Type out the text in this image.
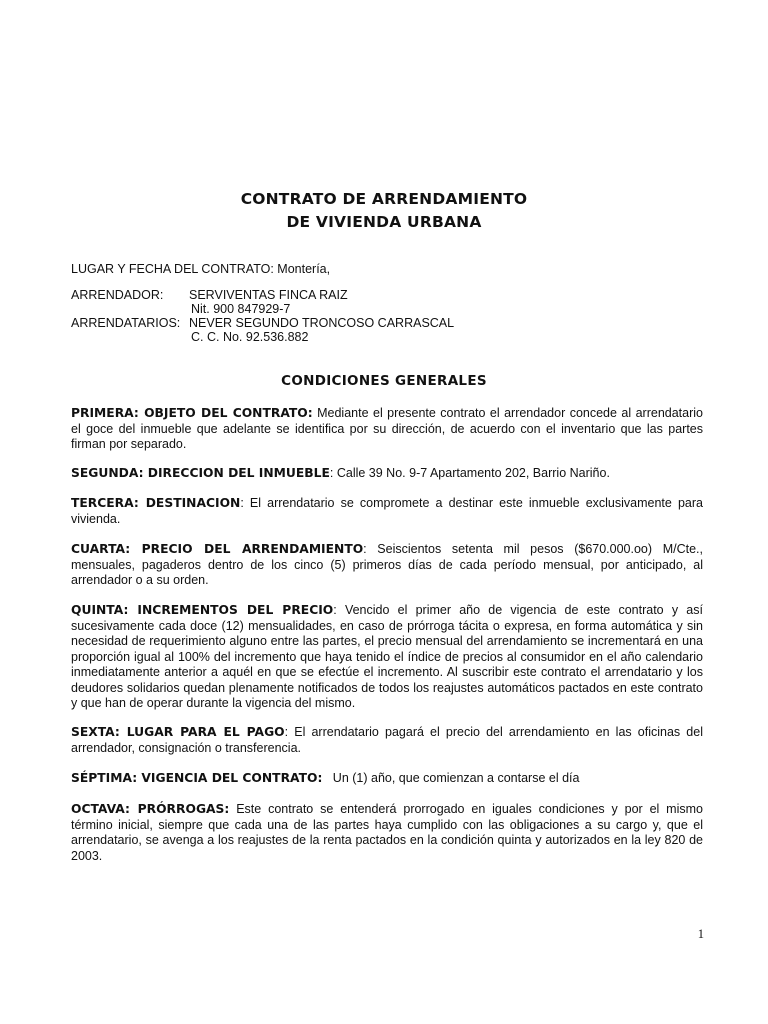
CONTRATO DE ARRENDAMIENTO
DE VIVIENDA URBANA
LUGAR Y FECHA DEL CONTRATO: Montería,
ARRENDADOR: SERVIVENTAS FINCA RAIZ
Nit. 900 847929-7
ARRENDATARIOS: NEVER SEGUNDO TRONCOSO CARRASCAL
C. C. No. 92.536.882
CONDICIONES GENERALES
PRIMERA: OBJETO DEL CONTRATO: Mediante el presente contrato el arrendador concede al arrendatario el goce del inmueble que adelante se identifica por su dirección, de acuerdo con el inventario que las partes firman por separado.
SEGUNDA: DIRECCION DEL INMUEBLE: Calle 39 No. 9-7 Apartamento 202, Barrio Nariño.
TERCERA: DESTINACION: El arrendatario se compromete a destinar este inmueble exclusivamente para vivienda.
CUARTA: PRECIO DEL ARRENDAMIENTO: Seiscientos setenta mil pesos ($670.000.oo) M/Cte., mensuales, pagaderos dentro de los cinco (5) primeros días de cada período mensual, por anticipado, al arrendador o a su orden.
QUINTA: INCREMENTOS DEL PRECIO: Vencido el primer año de vigencia de este contrato y así sucesivamente cada doce (12) mensualidades, en caso de prórroga tácita o expresa, en forma automática y sin necesidad de requerimiento alguno entre las partes, el precio mensual del arrendamiento se incrementará en una proporción igual al 100% del incremento que haya tenido el índice de precios al consumidor en el año calendario inmediatamente anterior a aquél en que se efectúe el incremento. Al suscribir este contrato el arrendatario y los deudores solidarios quedan plenamente notificados de todos los reajustes automáticos pactados en este contrato y que han de operar durante la vigencia del mismo.
SEXTA: LUGAR PARA EL PAGO: El arrendatario pagará el precio del arrendamiento en las oficinas del arrendador, consignación o transferencia.
SÉPTIMA: VIGENCIA DEL CONTRATO:   Un (1) año, que comienzan a contarse el día
OCTAVA: PRÓRROGAS: Este contrato se entenderá prorrogado en iguales condiciones y por el mismo término inicial, siempre que cada una de las partes haya cumplido con las obligaciones a su cargo y, que el arrendatario, se avenga a los reajustes de la renta pactados en la condición quinta y autorizados en la ley 820 de 2003.
1
